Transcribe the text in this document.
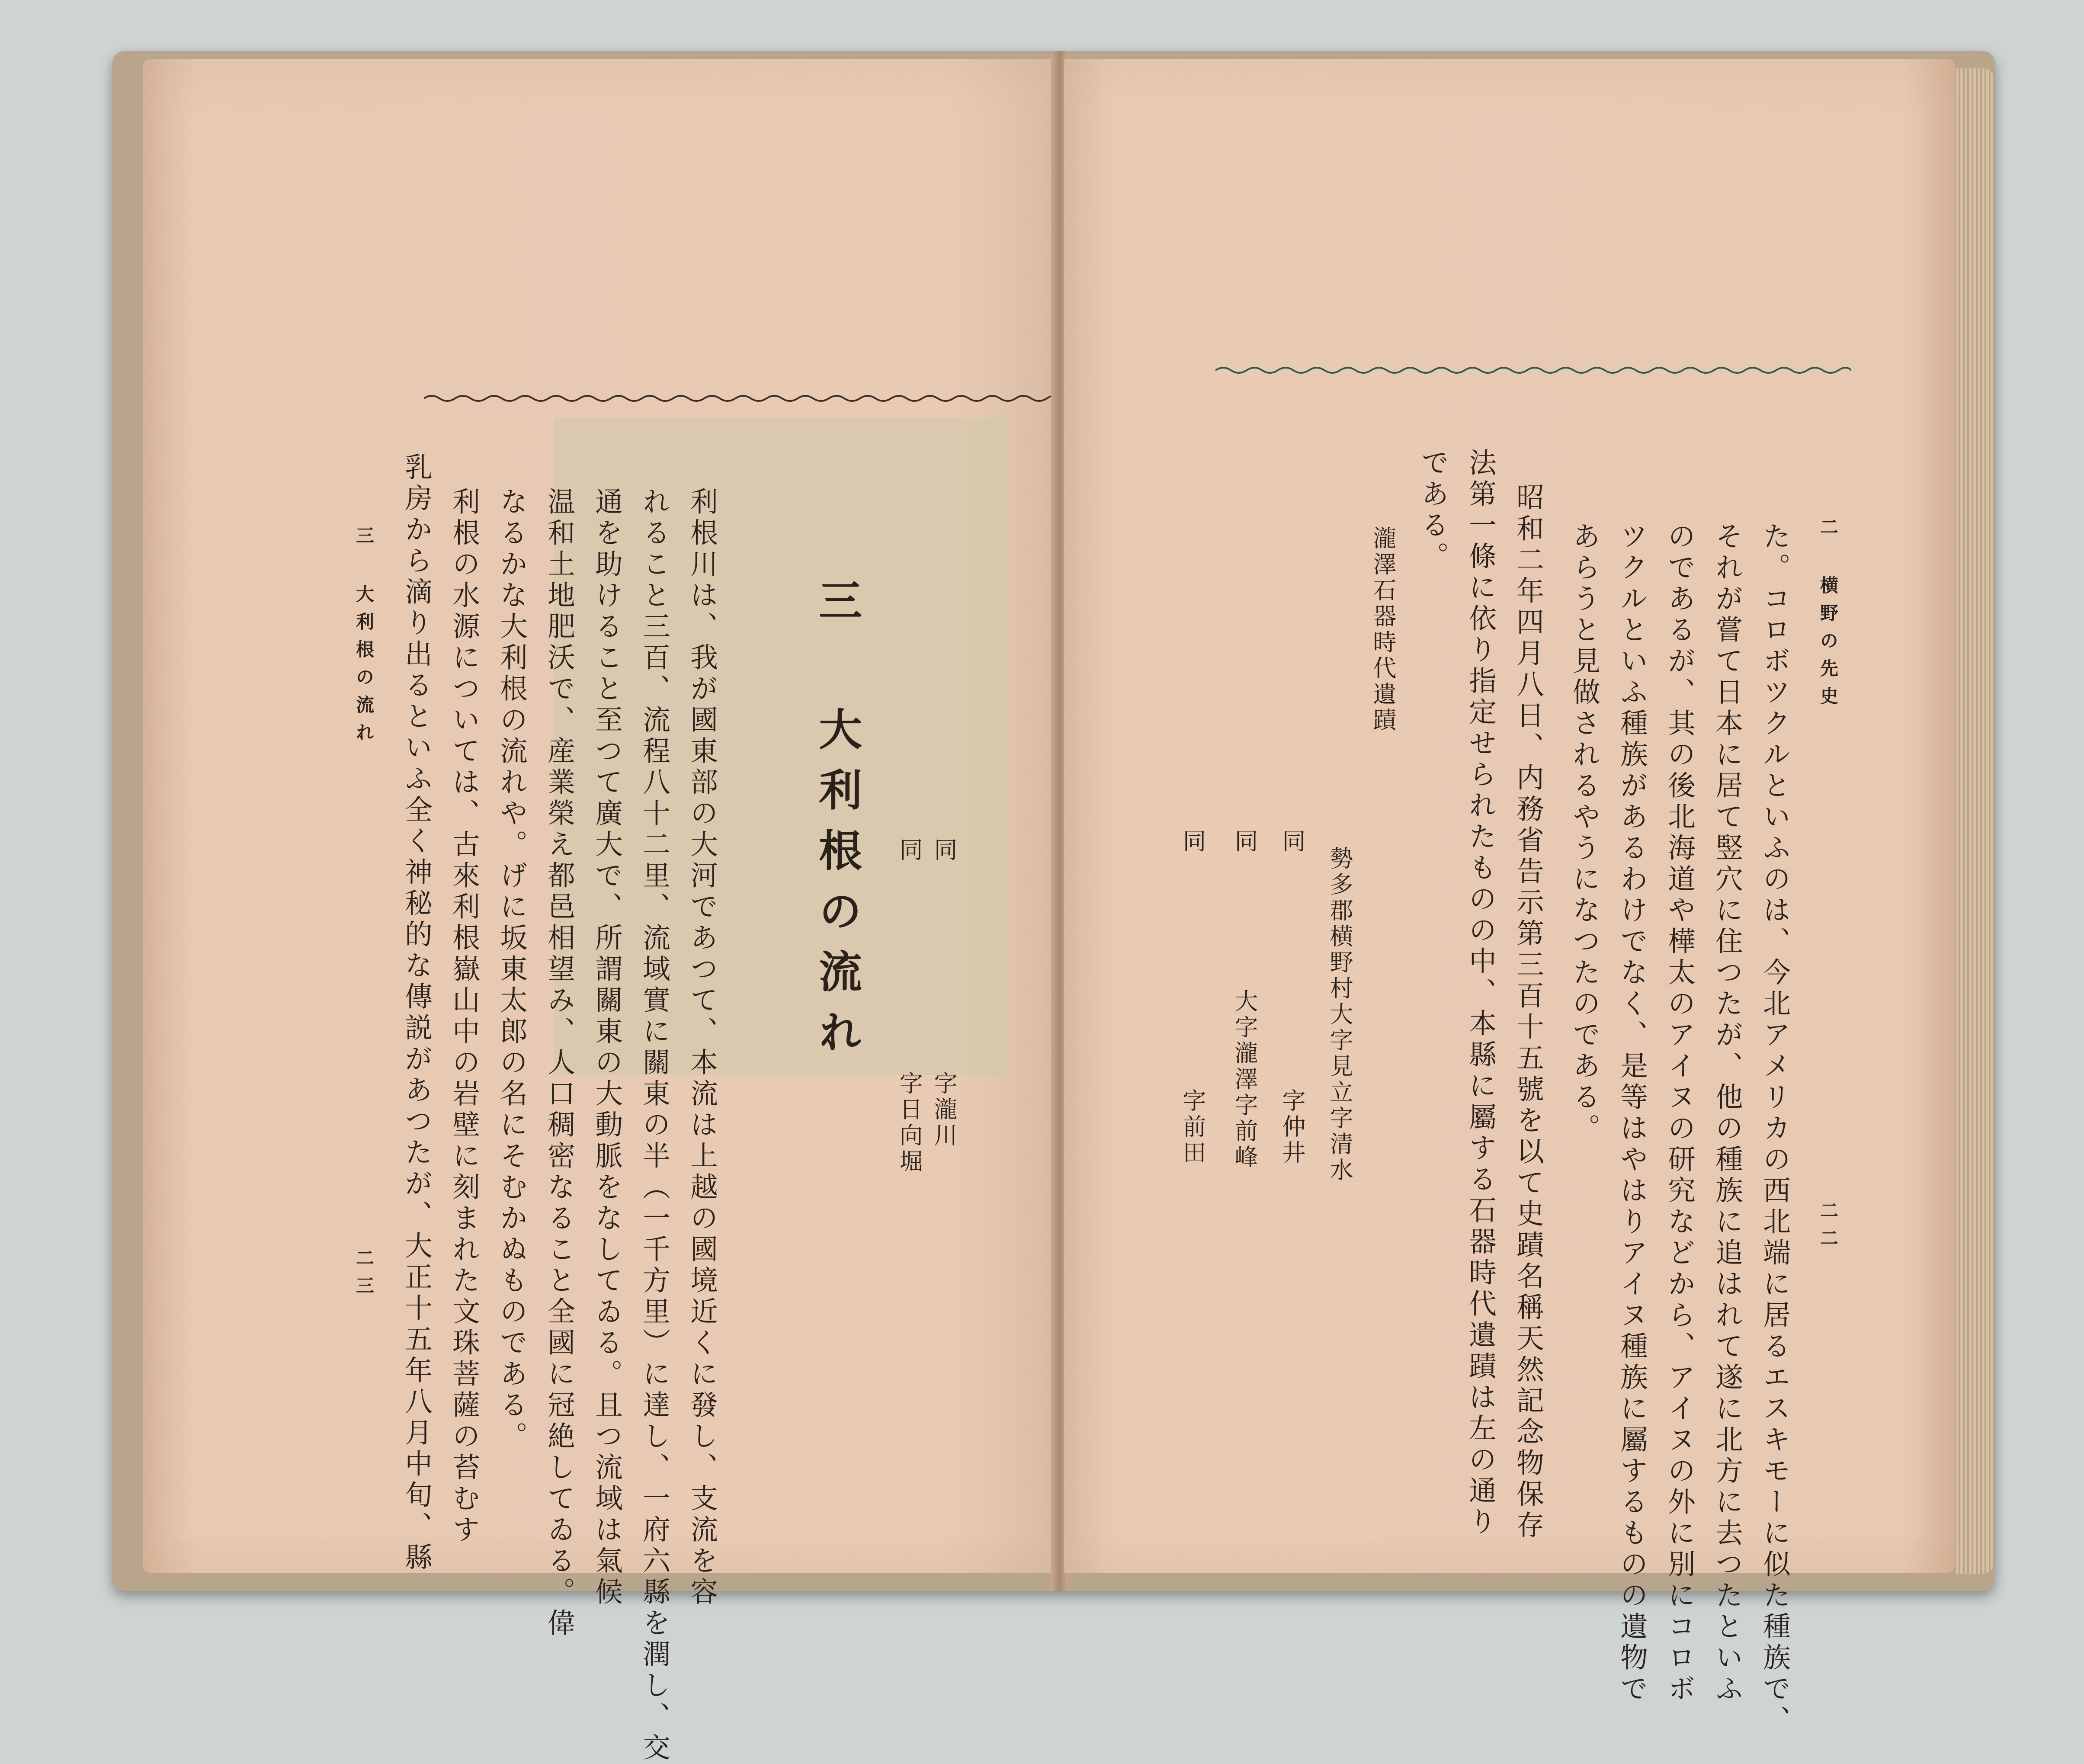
三 大利根の流れ
二三
三 大利根の流れ	同
字瀧川
同
字日向堀
利根川は、我が國東部の大河であつて、本流は上越の國境近くに發し、支流を容
れること三百、流程八十二里、流域實に關東の半（一千方里）に達し、一府六縣を潤し、交
通を助けること至つて廣大で、所謂關東の大動脈をなしてゐる。且つ流域は氣候
温和土地肥沃で、産業榮え都邑相望み、人口稠密なること全國に冠絶してゐる。偉
なるかな大利根の流れや。げに坂東太郎の名にそむかぬものである。
利根の水源については、古來利根嶽山中の岩壁に刻まれた文珠菩薩の苔むす
乳房から滴り出るといふ全く神秘的な傳説があつたが、大正十五年八月中旬、縣	二 横野の先史
二二
た。コロボツクルといふのは、今北アメリカの西北端に居るエスキモーに似た種族で、
それが嘗て日本に居て竪穴に住つたが、他の種族に追はれて遂に北方に去つたといふ
のであるが、其の後北海道や樺太のアイヌの研究などから、アイヌの外に別にコロボ
ツクルといふ種族があるわけでなく、是等はやはりアイヌ種族に屬するものの遺物で
あらうと見做されるやうになつたのである。
昭和二年四月八日、内務省告示第三百十五號を以て史蹟名稱天然記念物保存
法第一條に依り指定せられたものの中、本縣に屬する石器時代遺蹟は左の通り
である。
瀧澤石器時代遺蹟
勢多郡横野村大字見立字清水
同
字仲井
同
大字瀧澤字前峰
同
字前田
